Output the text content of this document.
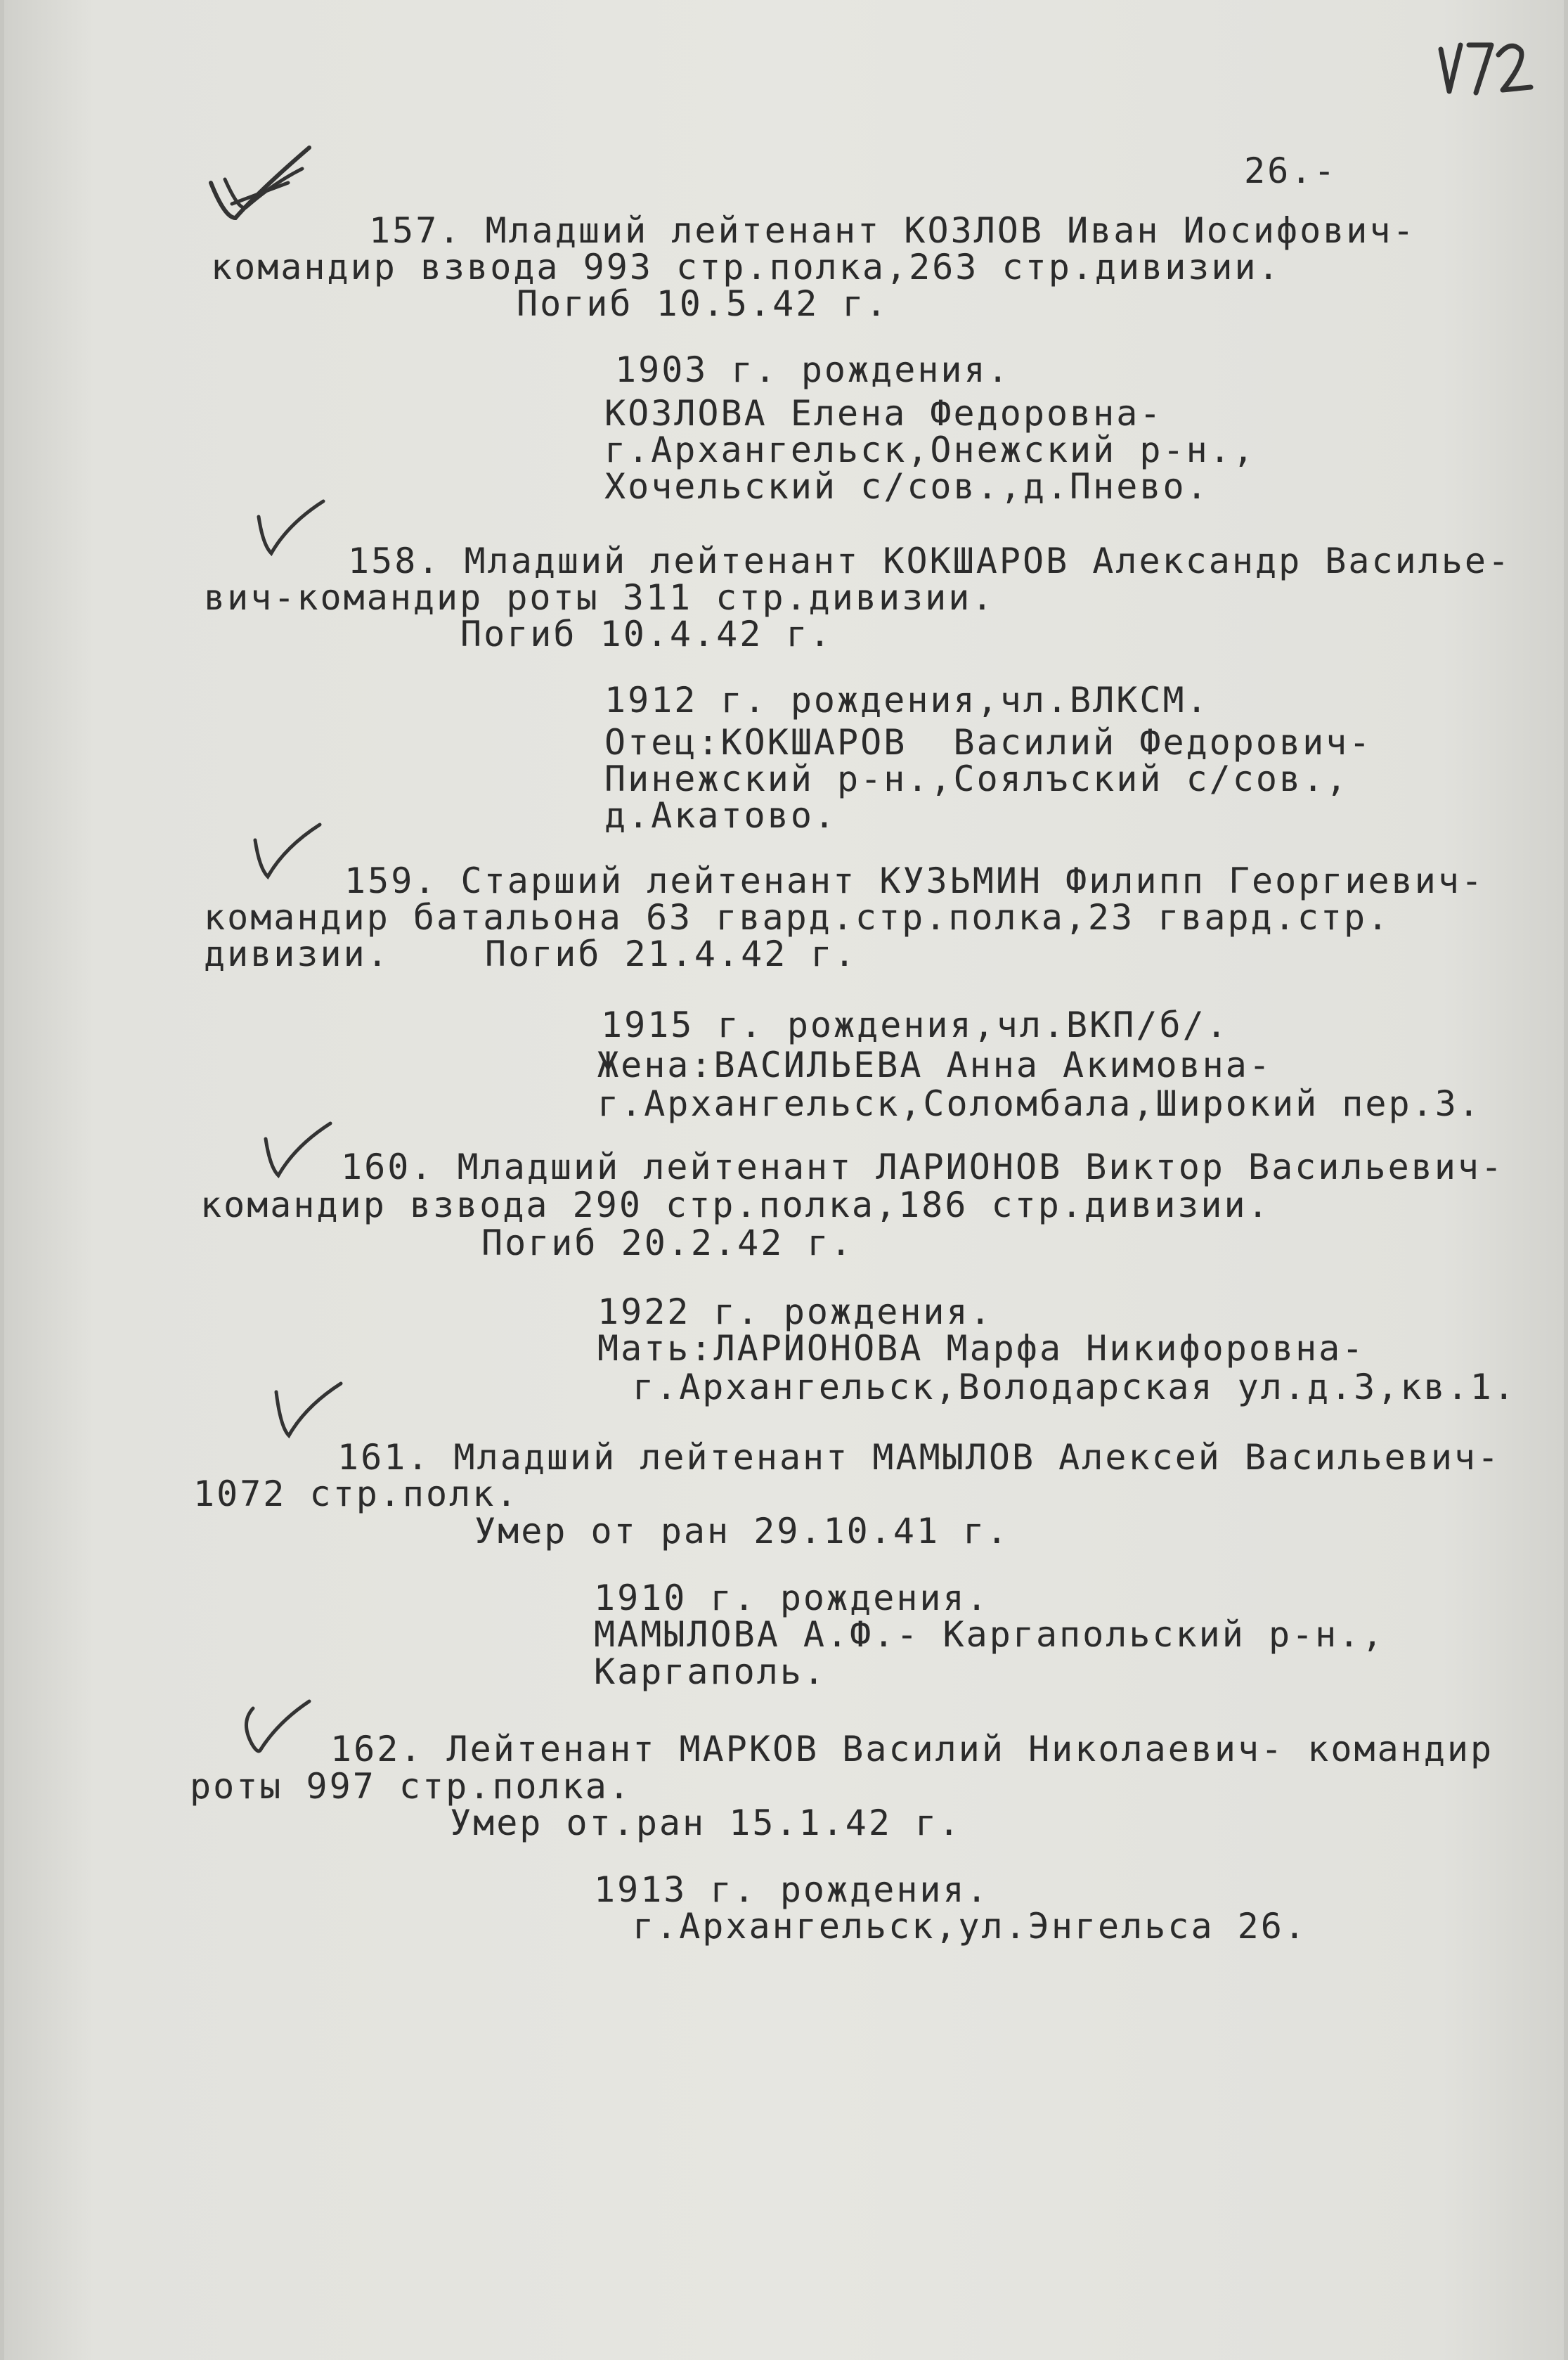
26.-
157. Младший лейтенант КОЗЛОВ Иван Иосифович-
командир взвода 993 стр.полка,263 стр.дивизии.
Погиб 10.5.42 г.
1903 г. рождения.
КОЗЛОВА Елена Федоровна-
г.Архангельск,Онежский р-н.,
Хочельский с/сов.,д.Пнево.
158. Младший лейтенант КОКШАРОВ Александр Василье-
вич-командир роты 311 стр.дивизии.
Погиб 10.4.42 г.
1912 г. рождения,чл.ВЛКСМ.
Отец:КОКШАРОВ  Василий Федорович-
Пинежский р-н.,Соялъский с/сов.,
д.Акатово.
159. Старший лейтенант КУЗЬМИН Филипп Георгиевич-
командир батальона 63 гвард.стр.полка,23 гвард.стр.
дивизии.	Погиб 21.4.42 г.
1915 г. рождения,чл.ВКП/б/.
Жена:ВАСИЛЬЕВА Анна Акимовна-
г.Архангельск,Соломбала,Широкий пер.3.
160. Младший лейтенант ЛАРИОНОВ Виктор Васильевич-
командир взвода 290 стр.полка,186 стр.дивизии.
Погиб 20.2.42 г.
1922 г. рождения.
Мать:ЛАРИОНОВА Марфа Никифоровна-
г.Архангельск,Володарская ул.д.3,кв.1.
161. Младший лейтенант МАМЫЛОВ Алексей Васильевич-
1072 стр.полк.
Умер от ран 29.10.41 г.
1910 г. рождения.
МАМЫЛОВА А.Ф.- Каргапольский р-н.,
Каргаполь.
162. Лейтенант МАРКОВ Василий Николаевич- командир
роты 997 стр.полка.
Умер от.ран 15.1.42 г.
1913 г. рождения.
г.Архангельск,ул.Энгельса 26.
